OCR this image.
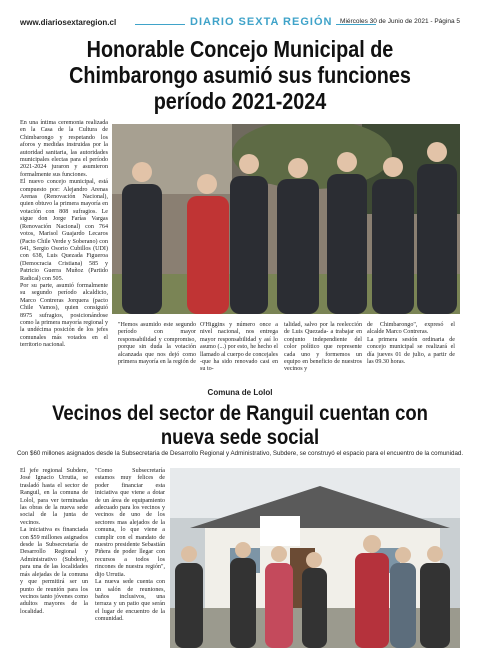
www.diariosextaregion.cl	DIARIO SEXTA REGIÓN Miércoles 30 de Junio de 2021 - Página 5
Honorable Concejo Municipal de Chimbarongo asumió sus funciones período 2021-2024
En una íntima ceremonia realizada en la Casa de la Cultura de Chimbarongo y respetando los aforos y medidas instruidas por la autoridad sanitaria, las autoridades municipales electas para el período 2021-2024 juraron y asumieron formalmente sus funciones.
El nuevo concejo municipal, está compuesto por: Alejandro Arenas Arenas (Renovación Nacional), quien obtuvo la primera mayoría en votación con 808 sufragios. Le sigue don Jorge Farías Vargas (Renovación Nacional) con 764 votos, Marisol Guajardo Lecaros (Pacto Chile Verde y Soberano) con 641, Sergio Osorio Cubillos (UDI) con 638, Luis Quezada Figueroa (Democracia Cristiana) 585 y Patricio Guerra Muñoz (Partido Radical) con 505.
Por su parte, asumió formalmente su segundo período alcaldicio, Marco Contreras Jorquera (pacto Chile Vamos), quien consiguió 8975 sufragios, posicionándose como la primera mayoría regional y la undécima posición de los jefes comunales más votados en el territorio nacional.
"Hemos asumido este segundo período con mayor responsabilidad y compromiso, porque sin duda la votación alcanzada que nos dejó como primera mayoría en la región de
O'Higgins y número once a nivel nacional, nos entrega mayor responsabilidad y así lo asumo (...) por esto, he hecho el llamado al cuerpo de concejales -que ha sido renovado casi en su to-
talidad, salvo por la reelección de Luis Quezada- a trabajar en conjunto independiente del color político que represente cada uno y formemos un equipo en beneficio de nuestros vecinos y
de Chimbarongo", expresó el alcalde Marco Contreras.
La primera sesión ordinaria de concejo municipal se realizará el día jueves 01 de julio, a partir de las 09.30 horas.
Comuna de Lolol
Vecinos del sector de Ranguil cuentan con nueva sede social
Con $60 millones asignados desde la Subsecretaria de Desarrollo Regional y Administrativo, Subdere, se construyó el espacio para el encuentro de la comunidad.
El jefe regional Subdere, José Ignacio Urrutia, se trasladó hasta el sector de Ranguil, en la comuna de Lolol, para ver terminadas las obras de la nueva sede social de la junta de vecinos.
La iniciativa es financiada con $59 millones asignados desde la Subsecretaría de Desarrollo Regional y Administrativo (Subdere), para una de las localidades más alejadas de la comuna y que permitirá ser un punto de reunión para los vecinos tanto jóvenes como adultos mayores de la localidad.
"Como Subsecretaría estamos muy felices de poder financiar esta iniciativa que viene a dotar de un área de equipamiento adecuado para los vecinos y vecinos de uno de los sectores mas alejados de la comuna, lo que viene a cumplir con el mandato de nuestro presidente Sebastián Piñera de poder llegar con recursos a todos los rincones de nuestra región", dijo Urrutia.
La nueva sede cuenta con un salón de reuniones, baños inclusivos, una terraza y un patio que serán el lugar de encuentro de la comunidad.
